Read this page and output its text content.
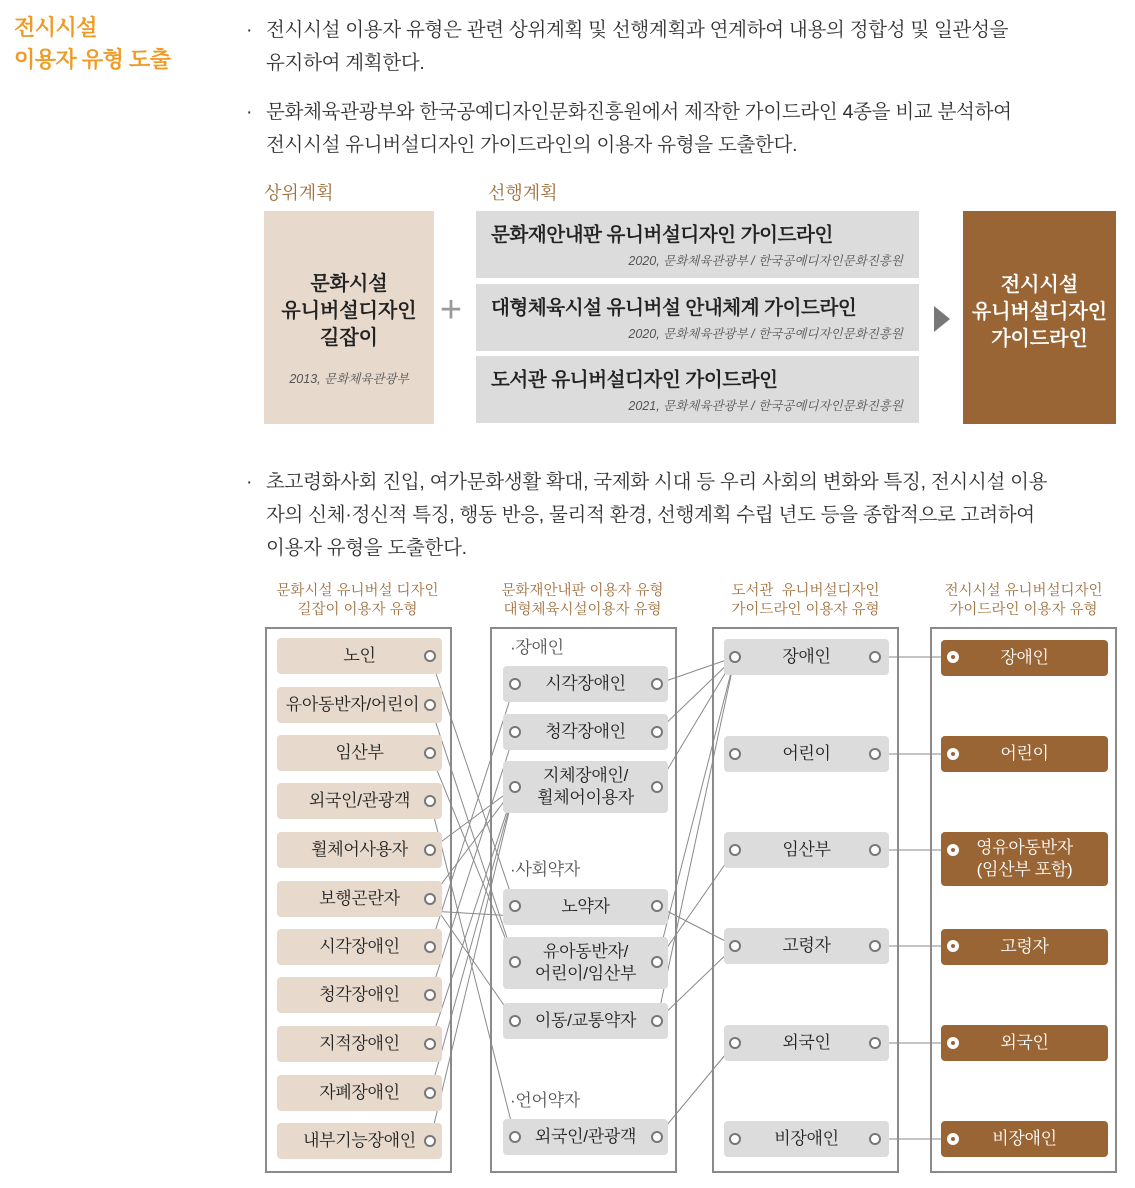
전시시설
이용자 유형 도출
· 전시시설 이용자 유형은 관련 상위계획 및 선행계획과 연계하여 내용의 정합성 및 일관성을
유지하여 계획한다.
· 문화체육관광부와 한국공예디자인문화진흥원에서 제작한 가이드라인 4종을 비교 분석하여
전시시설 유니버설디자인 가이드라인의 이용자 유형을 도출한다.
상위계획	선행계획
문화시설
유니버설디자인
길잡이
2013, 문화체육관광부
+
문화재안내판 유니버설디자인 가이드라인
2020, 문화체육관광부 / 한국공예디자인문화진흥원
대형체육시설 유니버설 안내체계 가이드라인
2020, 문화체육관광부 / 한국공예디자인문화진흥원
도서관 유니버설디자인 가이드라인
2021, 문화체육관광부 / 한국공예디자인문화진흥원
전시시설
유니버설디자인
가이드라인
· 초고령화사회 진입, 여가문화생활 확대, 국제화 시대 등 우리 사회의 변화와 특징, 전시시설 이용
자의 신체·정신적 특징, 행동 반응, 물리적 환경, 선행계획 수립 년도 등을 종합적으로 고려하여
이용자 유형을 도출한다.
문화시설 유니버설 디자인
길잡이 이용자 유형
문화재안내판 이용자 유형
대형체육시설이용자 유형
도서관  유니버설디자인
가이드라인 이용자 유형
전시시설 유니버설디자인
가이드라인 이용자 유형
노인
유아동반자/어린이
임산부
외국인/관광객
휠체어사용자
보행곤란자
시각장애인
청각장애인
지적장애인
자폐장애인
내부기능장애인
·장애인
·사회약자
·언어약자
시각장애인
청각장애인
지체장애인/
휠체어이용자
노약자
유아동반자/
어린이/임산부
이동/교통약자
외국인/관광객
장애인
어린이
임산부
고령자
외국인
비장애인
장애인
어린이
영유아동반자
(임산부 포함)
고령자
외국인
비장애인
